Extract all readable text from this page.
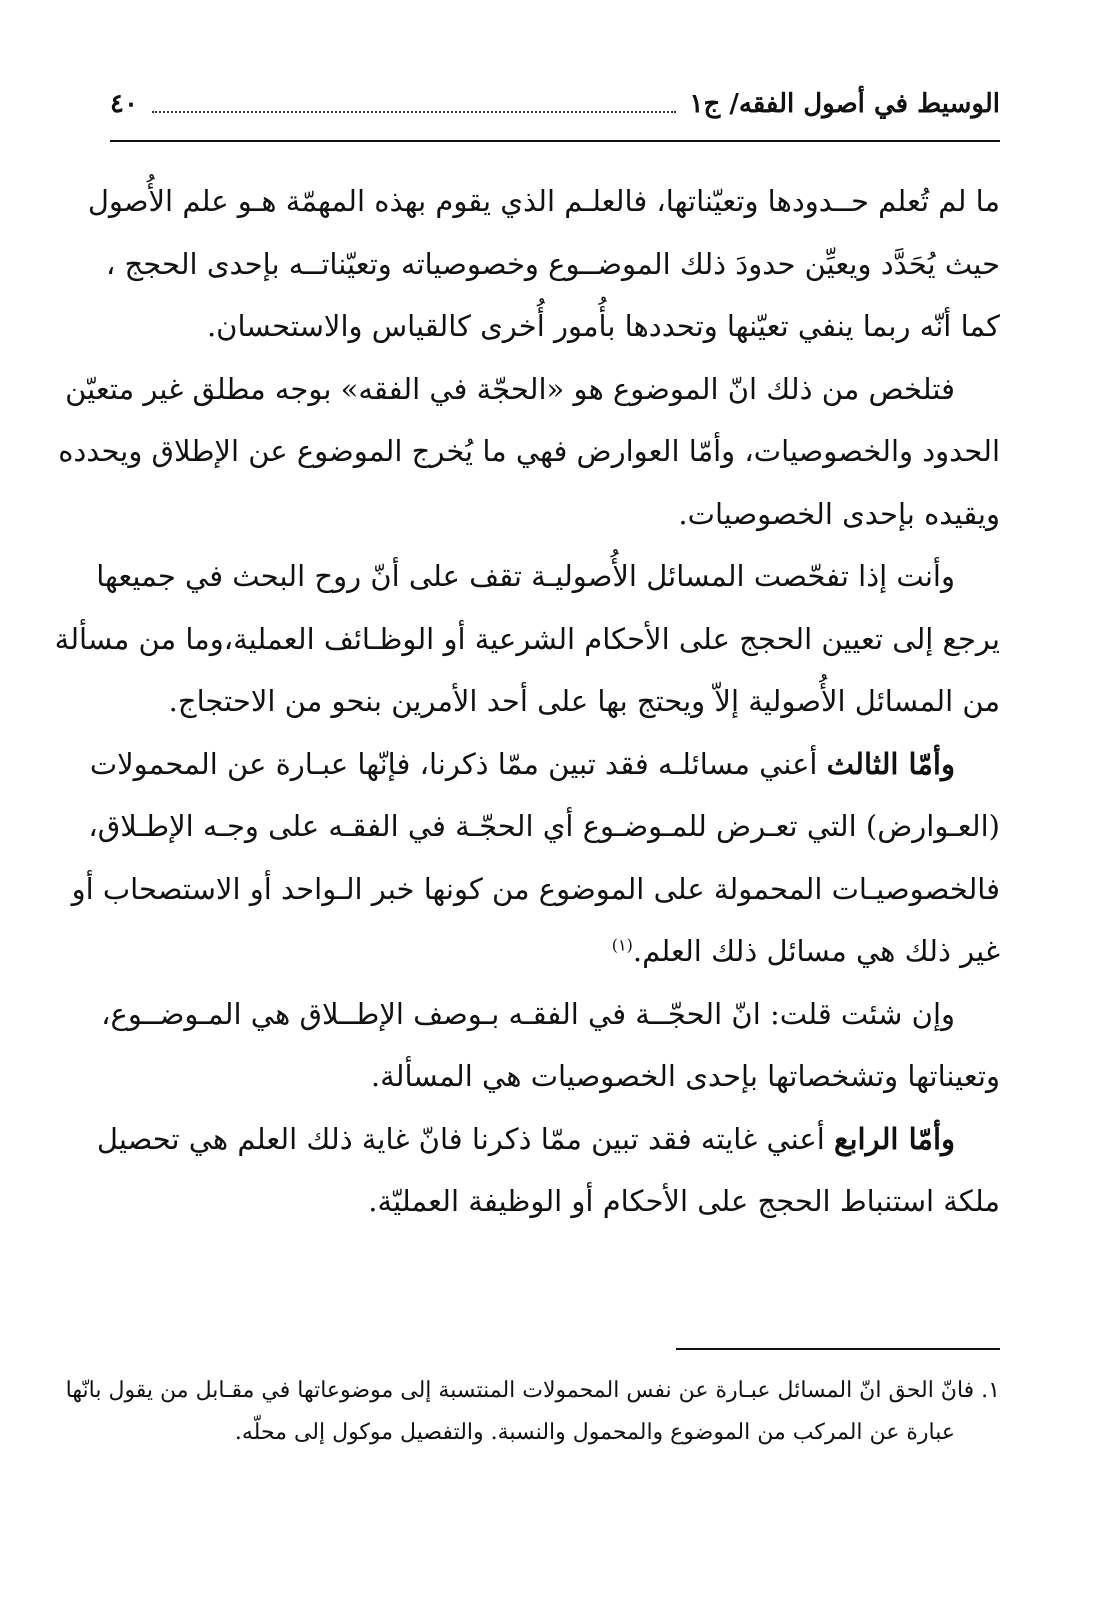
الوسيط في أصول الفقه/ ج١
٤٠

ما لم تُعلم حــدودها وتعيّناتها، فالعلـم الذي يقوم بهذه المهمّة هـو علم الأُصول
حيث يُحَدَّد ويعيِّن حدودَ ذلك الموضــوع وخصوصياته وتعيّناتــه بإحدى الحجج ،
كما أنّه ربما ينفي تعيّنها وتحددها بأُمور أُخرى كالقياس والاستحسان.

فتلخص من ذلك انّ الموضوع هو «الحجّة في الفقه» بوجه مطلق غير متعيّن
الحدود والخصوصيات، وأمّا العوارض فهي ما يُخرج الموضوع عن الإطلاق ويحدده
ويقيده بإحدى الخصوصيات.

وأنت إذا تفحّصت المسائل الأُصوليـة تقف على أنّ روح البحث في جميعها
يرجع إلى تعيين الحجج على الأحكام الشرعية أو الوظـائف العملية،وما من مسألة
من المسائل الأُصولية إلاّ ويحتج بها على أحد الأمرين بنحو من الاحتجاج.

وأمّا الثالث أعني مسائلـه فقد تبين ممّا ذكرنا، فإنّها عبـارة عن المحمولات
(العـوارض) التي تعـرض للمـوضـوع أي الحجّـة في الفقـه على وجـه الإطـلاق،
فالخصوصيـات المحمولة على الموضوع من كونها خبر الـواحد أو الاستصحاب أو
غير ذلك هي مسائل ذلك العلم.$^{(١)}$

وإن شئت قلت: انّ الحجّــة في الفقـه بـوصف الإطــلاق هي المـوضــوع،
وتعيناتها وتشخصاتها بإحدى الخصوصيات هي المسألة.

وأمّا الرابع أعني غايته فقد تبين ممّا ذكرنا فانّ غاية ذلك العلم هي تحصيل
ملكة استنباط الحجج على الأحكام أو الوظيفة العمليّة.

١. فانّ الحق انّ المسائل عبـارة عن نفس المحمولات المنتسبة إلى موضوعاتها في مقـابل من يقول بانّها
عبارة عن المركب من الموضوع والمحمول والنسبة. والتفصيل موكول إلى محلّه.
